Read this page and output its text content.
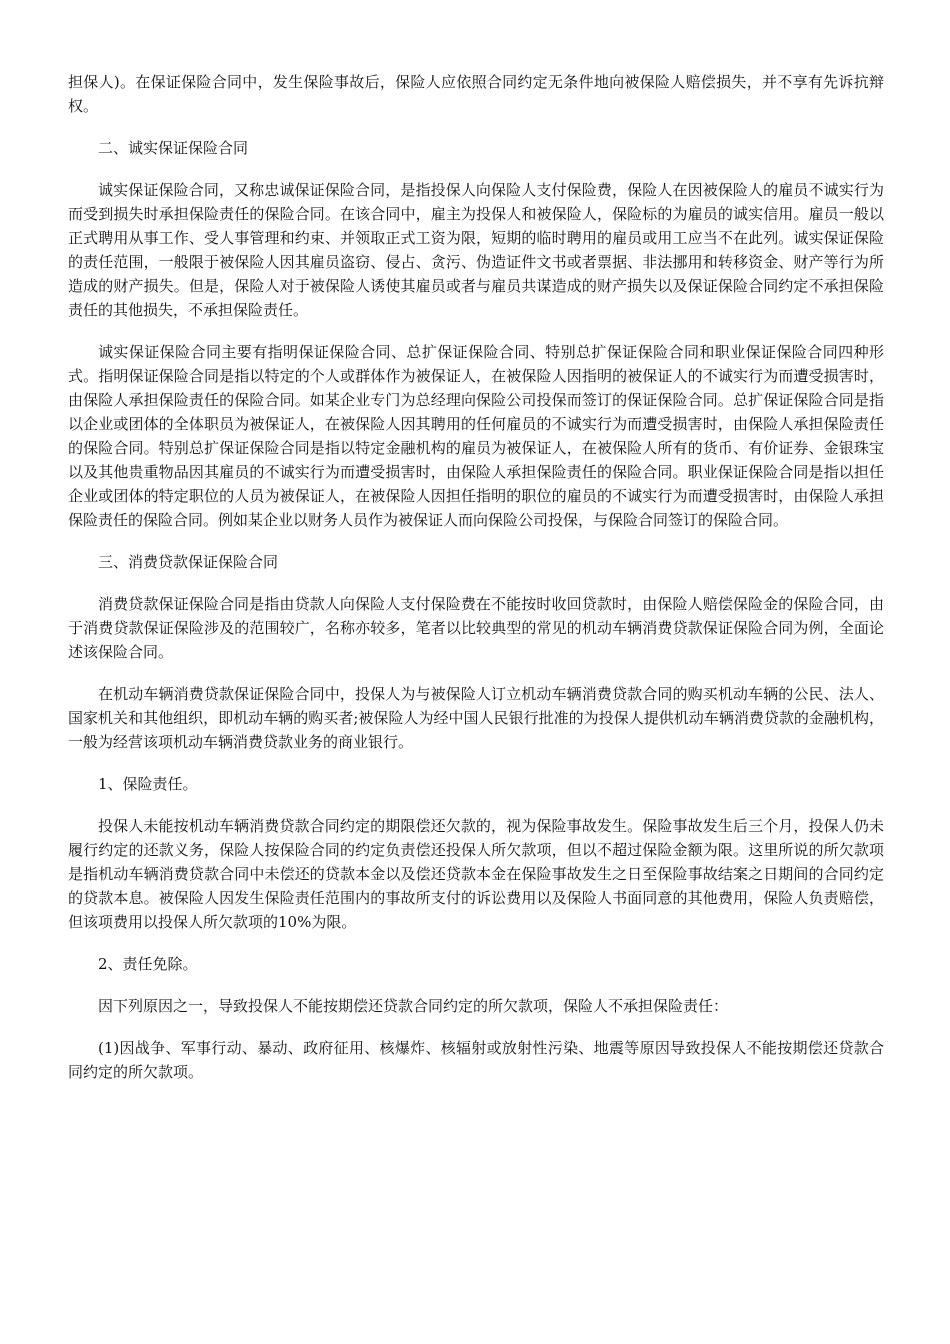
担保人)。在保证保险合同中，发生保险事故后，保险人应依照合同约定无条件地向被保险人赔偿损失，并不享有先诉抗辩权。

二、诚实保证保险合同

诚实保证保险合同，又称忠诚保证保险合同，是指投保人向保险人支付保险费，保险人在因被保险人的雇员不诚实行为而受到损失时承担保险责任的保险合同。在该合同中，雇主为投保人和被保险人，保险标的为雇员的诚实信用。雇员一般以正式聘用从事工作、受人事管理和约束、并领取正式工资为限，短期的临时聘用的雇员或用工应当不在此列。诚实保证保险的责任范围，一般限于被保险人因其雇员盗窃、侵占、贪污、伪造证件文书或者票据、非法挪用和转移资金、财产等行为所造成的财产损失。但是，保险人对于被保险人诱使其雇员或者与雇员共谋造成的财产损失以及保证保险合同约定不承担保险责任的其他损失，不承担保险责任。

诚实保证保险合同主要有指明保证保险合同、总扩保证保险合同、特别总扩保证保险合同和职业保证保险合同四种形式。指明保证保险合同是指以特定的个人或群体作为被保证人，在被保险人因指明的被保证人的不诚实行为而遭受损害时，由保险人承担保险责任的保险合同。如某企业专门为总经理向保险公司投保而签订的保证保险合同。总扩保证保险合同是指以企业或团体的全体职员为被保证人，在被保险人因其聘用的任何雇员的不诚实行为而遭受损害时，由保险人承担保险责任的保险合同。特别总扩保证保险合同是指以特定金融机构的雇员为被保证人，在被保险人所有的货币、有价证券、金银珠宝以及其他贵重物品因其雇员的不诚实行为而遭受损害时，由保险人承担保险责任的保险合同。职业保证保险合同是指以担任企业或团体的特定职位的人员为被保证人，在被保险人因担任指明的职位的雇员的不诚实行为而遭受损害时，由保险人承担保险责任的保险合同。例如某企业以财务人员作为被保证人而向保险公司投保，与保险合同签订的保险合同。

三、消费贷款保证保险合同

消费贷款保证保险合同是指由贷款人向保险人支付保险费在不能按时收回贷款时，由保险人赔偿保险金的保险合同，由于消费贷款保证保险涉及的范围较广，名称亦较多，笔者以比较典型的常见的机动车辆消费贷款保证保险合同为例，全面论述该保险合同。

在机动车辆消费贷款保证保险合同中，投保人为与被保险人订立机动车辆消费贷款合同的购买机动车辆的公民、法人、国家机关和其他组织，即机动车辆的购买者;被保险人为经中国人民银行批准的为投保人提供机动车辆消费贷款的金融机构，一般为经营该项机动车辆消费贷款业务的商业银行。

1、保险责任。

投保人未能按机动车辆消费贷款合同约定的期限偿还欠款的，视为保险事故发生。保险事故发生后三个月，投保人仍未履行约定的还款义务，保险人按保险合同的约定负责偿还投保人所欠款项，但以不超过保险金额为限。这里所说的所欠款项是指机动车辆消费贷款合同中未偿还的贷款本金以及偿还贷款本金在保险事故发生之日至保险事故结案之日期间的合同约定的贷款本息。被保险人因发生保险责任范围内的事故所支付的诉讼费用以及保险人书面同意的其他费用，保险人负责赔偿，但该项费用以投保人所欠款项的10%为限。

2、责任免除。

因下列原因之一，导致投保人不能按期偿还贷款合同约定的所欠款项，保险人不承担保险责任：

(1)因战争、军事行动、暴动、政府征用、核爆炸、核辐射或放射性污染、地震等原因导致投保人不能按期偿还贷款合同约定的所欠款项。
